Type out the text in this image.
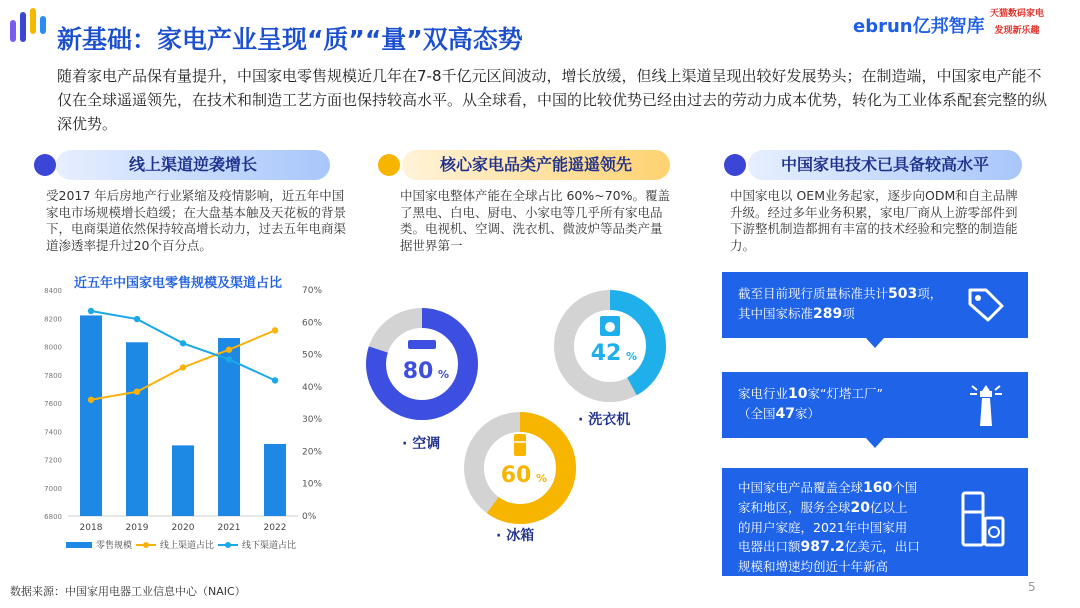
新基础：家电产业呈现“质”“量”双高态势	ebrun亿邦智库
天猫数码家电
发现新乐趣
随着家电产品保有量提升，中国家电零售规模近几年在7-8千亿元区间波动，增长放缓，但线上渠道呈现出较好发展势头；在制造端，中国家电产能不仅在全球遥遥领先，在技术和制造工艺方面也保持较高水平。从全球看，中国的比较优势已经由过去的劳动力成本优势，转化为工业体系配套完整的纵深优势。
线上渠道逆袭增长	核心家电品类产能遥遥领先	中国家电技术已具备较高水平
受2017 年后房地产行业紧缩及疫情影响，近五年中国家电市场规模增长趋缓；在大盘基本触及天花板的背景下，电商渠道依然保持较高增长动力，过去五年电商渠道渗透率提升过20个百分点。
中国家电整体产能在全球占比 60%~70%。覆盖了黑电、白电、厨电、小家电等几乎所有家电品类。电视机、空调、洗衣机、微波炉等品类产量据世界第一
中国家电以 OEM业务起家，逐步向ODM和自主品牌升级。经过多年业务积累，家电厂商从上游零部件到下游整机制造都拥有丰富的技术经验和完整的制造能力。
近五年中国家电零售规模及渠道占比
6800
7000
7200
7400
7600
7800
8000
8200
8400
0%
10%
20%
30%
40%
50%
60%
70%
2018	2019	2020	2021	2022
零售规模	线上渠道占比	线下渠道占比
80 %
· 空调
42 %
· 洗衣机
60 %
· 冰箱
截至目前现行质量标准共计503项，
其中国家标准289项
家电行业10家“灯塔工厂”
（全国47家）
中国家电产品覆盖全球160个国
家和地区，服务全球20亿以上
的用户家庭，2021年中国家用
电器出口额987.2亿美元，出口
规模和增速均创近十年新高
数据来源：中国家用电器工业信息中心（NAIC）	5
